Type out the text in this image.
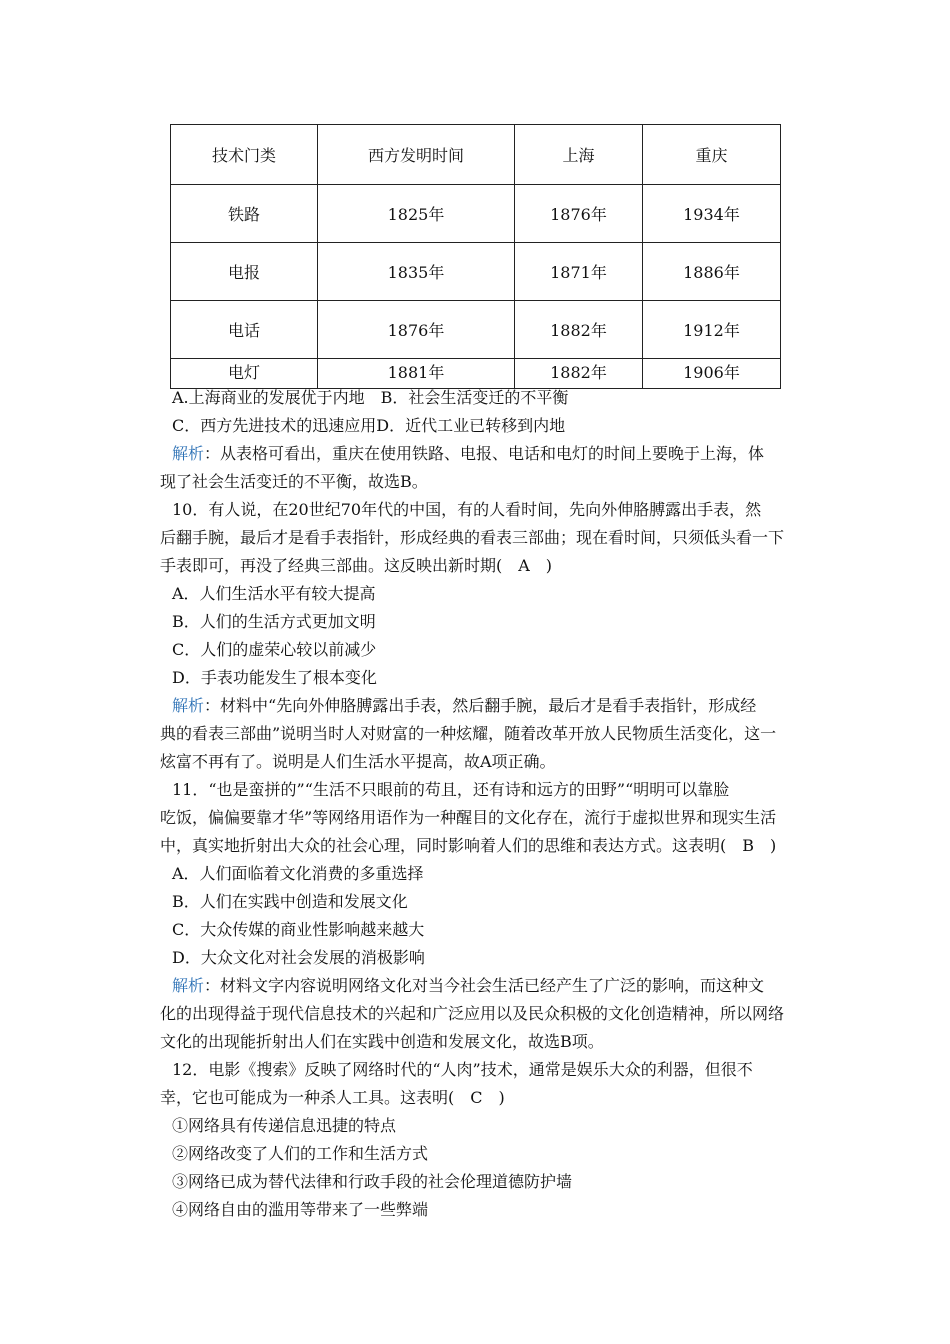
技术门类	西方发明时间	上海	重庆
铁路	1825年	1876年	1934年
电报	1835年	1871年	1886年
电话	1876年	1882年	1912年
电灯	1881年	1882年	1906年
A.上海商业的发展优于内地　B．社会生活变迁的不平衡
C．西方先进技术的迅速应用D．近代工业已转移到内地
解析：从表格可看出，重庆在使用铁路、电报、电话和电灯的时间上要晚于上海，体
现了社会生活变迁的不平衡，故选B。
10．有人说，在20世纪70年代的中国，有的人看时间，先向外伸胳膊露出手表，然
后翻手腕，最后才是看手表指针，形成经典的看表三部曲；现在看时间，只须低头看一下
手表即可，再没了经典三部曲。这反映出新时期(　A　)
A．人们生活水平有较大提高
B．人们的生活方式更加文明
C．人们的虚荣心较以前减少
D．手表功能发生了根本变化
解析：材料中“先向外伸胳膊露出手表，然后翻手腕，最后才是看手表指针，形成经
典的看表三部曲”说明当时人对财富的一种炫耀，随着改革开放人民物质生活变化，这一
炫富不再有了。说明是人们生活水平提高，故A项正确。
11．“也是蛮拼的”“生活不只眼前的苟且，还有诗和远方的田野”“明明可以靠脸
吃饭，偏偏要靠才华”等网络用语作为一种醒目的文化存在，流行于虚拟世界和现实生活
中，真实地折射出大众的社会心理，同时影响着人们的思维和表达方式。这表明(　B　)
A．人们面临着文化消费的多重选择
B．人们在实践中创造和发展文化
C．大众传媒的商业性影响越来越大
D．大众文化对社会发展的消极影响
解析：材料文字内容说明网络文化对当今社会生活已经产生了广泛的影响，而这种文
化的出现得益于现代信息技术的兴起和广泛应用以及民众积极的文化创造精神，所以网络
文化的出现能折射出人们在实践中创造和发展文化，故选B项。
12．电影《搜索》反映了网络时代的“人肉”技术，通常是娱乐大众的利器，但很不
幸，它也可能成为一种杀人工具。这表明(　C　)
①网络具有传递信息迅捷的特点
②网络改变了人们的工作和生活方式
③网络已成为替代法律和行政手段的社会伦理道德防护墙
④网络自由的滥用等带来了一些弊端
